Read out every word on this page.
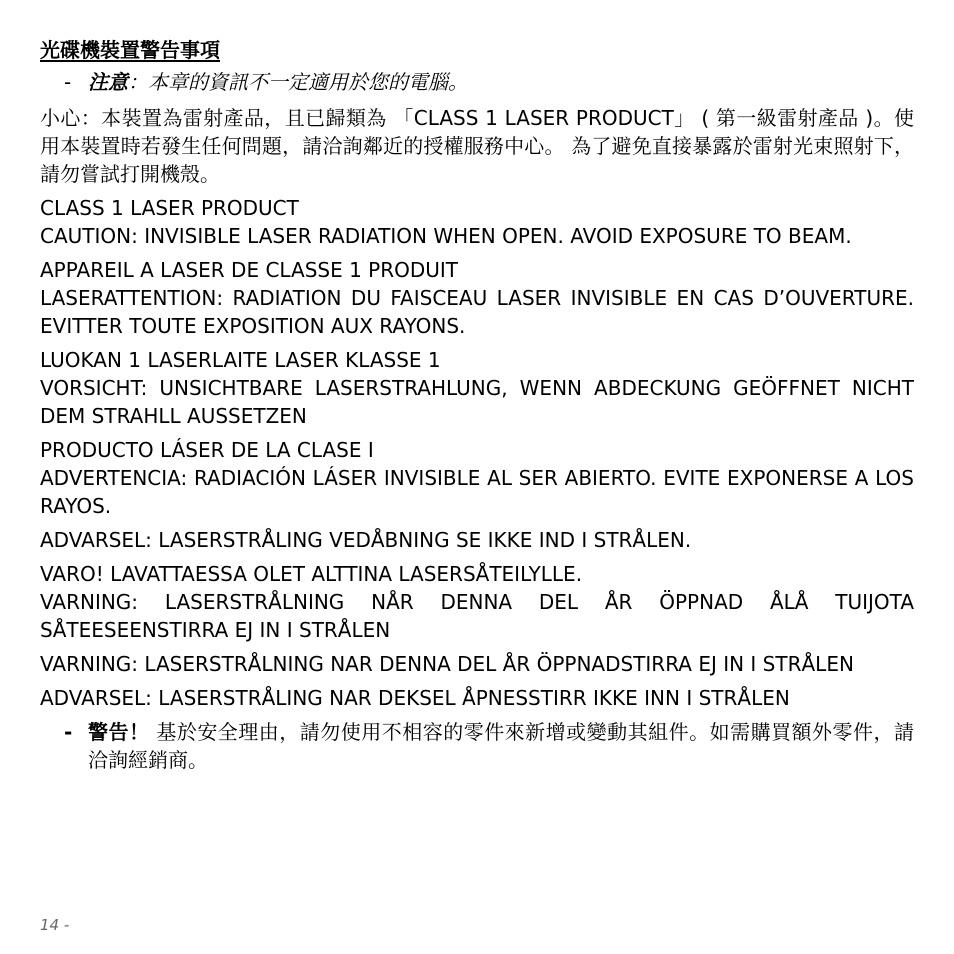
光碟機裝置警告事項
- 注意：本章的資訊不一定適用於您的電腦。
小心：本裝置為雷射產品，且已歸類為 「CLASS 1 LASER PRODUCT」 ( 第一級雷射產品 )。使用本裝置時若發生任何問題，請洽詢鄰近的授權服務中心。 為了避免直接暴露於雷射光束照射下，請勿嘗試打開機殼。
CLASS 1 LASER PRODUCT
CAUTION: INVISIBLE LASER RADIATION WHEN OPEN. AVOID EXPOSURE TO BEAM.
APPAREIL A LASER DE CLASSE 1 PRODUIT
LASERATTENTION: RADIATION DU FAISCEAU LASER INVISIBLE EN CAS D’OUVERTURE. EVITTER TOUTE EXPOSITION AUX RAYONS.
LUOKAN 1 LASERLAITE LASER KLASSE 1
VORSICHT: UNSICHTBARE LASERSTRAHLUNG, WENN ABDECKUNG GEÖFFNET NICHT DEM STRAHLL AUSSETZEN
PRODUCTO LÁSER DE LA CLASE I
ADVERTENCIA: RADIACIÓN LÁSER INVISIBLE AL SER ABIERTO. EVITE EXPONERSE A LOS RAYOS.
ADVARSEL: LASERSTRÅLING VEDÅBNING SE IKKE IND I STRÅLEN.
VARO! LAVATTAESSA OLET ALTTINA LASERSÅTEILYLLE.
VARNING: LASERSTRÅLNING NÅR DENNA DEL ÅR ÖPPNAD ÅLÅ TUIJOTA SÅTEESEENSTIRRA EJ IN I STRÅLEN
VARNING: LASERSTRÅLNING NAR DENNA DEL ÅR ÖPPNADSTIRRA EJ IN I STRÅLEN
ADVARSEL: LASERSTRÅLING NAR DEKSEL ÅPNESSTIRR IKKE INN I STRÅLEN
- 警告！ 基於安全理由，請勿使用不相容的零件來新增或變動其組件。如需購買額外零件，請洽詢經銷商。
14 -
